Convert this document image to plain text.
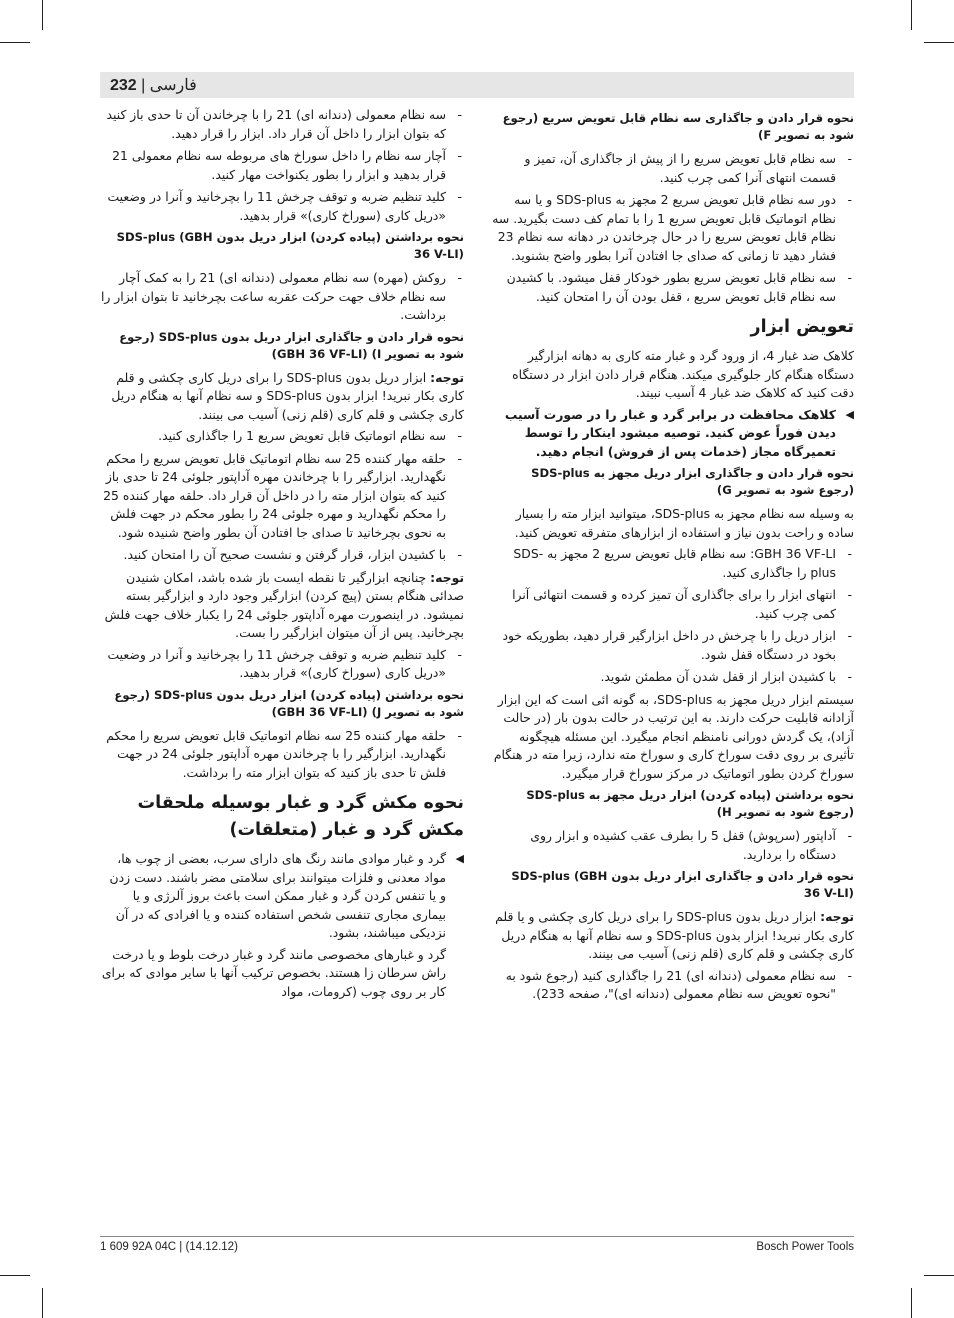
232 | فارسی
نحوه قرار دادن و جاگذاری سه نظام قابل تعویض سریع (رجوع شود به تصویر F)
-
سه نظام قابل تعویض سریع را از پیش از جاگذاری آن، تمیز و قسمت انتهای آنرا کمی چرب کنید.
-
دور سه نظام قابل تعویض سریع 2 مجهز به SDS-plus و یا سه نظام اتوماتیک قابل تعویض سریع 1 را با تمام کف دست بگیرید. سه نظام قابل تعویض سریع را در حال چرخاندن در دهانه سه نظام 23 فشار دهید تا زمانی که صدای جا افتادن آنرا بطور واضح بشنوید.
-
سه نظام قابل تعویض سریع بطور خودکار قفل میشود. با کشیدن سه نظام قابل تعویض سریع ، قفل بودن آن را امتحان کنید.
تعویض ابزار
کلاهک ضد غبار 4، از ورود گرد و غبار مته کاری به دهانه ابزارگیر دستگاه هنگام کار جلوگیری میکند. هنگام قرار دادن ابزار در دستگاه دقت کنید که کلاهک ضد غبار 4 آسیب نبیند.
◀
کلاهک محافظت در برابر گرد و غبار را در صورت آسیب دیدن فوراً عوض کنید. توصیه میشود اینکار را توسط تعمیرگاه مجاز (خدمات پس از فروش) انجام دهید.
نحوه قرار دادن و جاگذاری ابزار دریل مجهز به SDS-plus (رجوع شود به تصویر G)
به وسیله سه نظام مجهز به SDS-plus، میتوانید ابزار مته را بسیار ساده و راحت بدون نیاز و استفاده از ابزارهای متفرقه تعویض کنید.
-
GBH 36 VF-LI: سه نظام قابل تعویض سریع 2 مجهز به SDS-plus را جاگذاری کنید.
-
انتهای ابزار را برای جاگذاری آن تمیز کرده و قسمت انتهائی آنرا کمی چرب کنید.
-
ابزار دریل را با چرخش در داخل ابزارگیر قرار دهید، بطوریکه خود بخود در دستگاه قفل شود.
-
با کشیدن ابزار از قفل شدن آن مطمئن شوید.
سیستم ابزار دریل مجهز به SDS-plus، به گونه ائی است که این ابزار آزادانه قابلیت حرکت دارند. به این ترتیب در حالت بدون بار (در حالت آزاد)، یک گردش دورانی نامنظم انجام میگیرد. این مسئله هیچگونه تأثیری بر روی دقت سوراخ کاری و سوراخ مته ندارد، زیرا مته در هنگام سوراخ کردن بطور اتوماتیک در مرکز سوراخ قرار میگیرد.
نحوه برداشتن (پیاده کردن) ابزار دریل مجهز به SDS-plus (رجوع شود به تصویر H)
-
آداپتور (سرپوش) قفل 5 را بطرف عقب کشیده و ابزار روی دستگاه را بردارید.
نحوه قرار دادن و جاگذاری ابزار دریل بدون SDS-plus (GBH 36 V-LI)
توجه: ابزار دریل بدون SDS-plus را برای دریل کاری چکشی و یا قلم کاری بکار نبرید! ابزار بدون SDS-plus و سه نظام آنها به هنگام دریل کاری چکشی و قلم کاری (قلم زنی) آسیب می بینند.
-
سه نظام معمولی (دندانه ای) 21 را جاگذاری کنید (رجوع شود به "نحوه تعویض سه نظام معمولی (دندانه ای)"، صفحه 233).
-
سه نظام معمولی (دندانه ای) 21 را با چرخاندن آن تا حدی باز کنید که بتوان ابزار را داخل آن قرار داد. ابزار را قرار دهید.
-
آچار سه نظام را داخل سوراخ های مربوطه سه نظام معمولی 21 قرار بدهید و ابزار را بطور یکنواخت مهار کنید.
-
کلید تنظیم ضربه و توقف چرخش 11 را بچرخانید و آنرا در وضعیت «دریل کاری (سوراخ کاری)» قرار بدهید.
نحوه برداشتن (پیاده کردن) ابزار دریل بدون SDS-plus (GBH 36 V-LI)
-
روکش (مهره) سه نظام معمولی (دندانه ای) 21 را به کمک آچار سه نظام خلاف جهت حرکت عقربه ساعت بچرخانید تا بتوان ابزار را برداشت.
نحوه قرار دادن و جاگذاری ابزار دریل بدون SDS-plus (رجوع شود به تصویر I) (GBH 36 VF-LI)
توجه: ابزار دریل بدون SDS-plus را برای دریل کاری چکشی و قلم کاری بکار نبرید! ابزار بدون SDS-plus و سه نظام آنها به هنگام دریل کاری چکشی و قلم کاری (قلم زنی) آسیب می بینند.
-
سه نظام اتوماتیک قابل تعویض سریع 1 را جاگذاری کنید.
-
حلقه مهار کننده 25 سه نظام اتوماتیک قابل تعویض سریع را محکم نگهدارید. ابزارگیر را با چرخاندن مهره آداپتور جلوئی 24 تا حدی باز کنید که بتوان ابزار مته را در داخل آن قرار داد. حلقه مهار کننده 25 را محکم نگهدارید و مهره جلوئی 24 را بطور محکم در جهت فلش به نحوی بچرخانید تا صدای جا افتادن آن بطور واضح شنیده شود.
-
با کشیدن ابزار، قرار گرفتن و نشست صحیح آن را امتحان کنید.
توجه: چنانچه ابزارگیر تا نقطه ایست باز شده باشد، امکان شنیدن صدائی هنگام بستن (پیچ کردن) ابزارگیر وجود دارد و ابزارگیر بسته نمیشود. در اینصورت مهره آداپتور جلوئی 24 را یکبار خلاف جهت فلش بچرخانید. پس از آن میتوان ابزارگیر را بست.
-
کلید تنظیم ضربه و توقف چرخش 11 را بچرخانید و آنرا در وضعیت «دریل کاری (سوراخ کاری)» قرار بدهید.
نحوه برداشتن (پیاده کردن) ابزار دریل بدون SDS-plus (رجوع شود به تصویر J) (GBH 36 VF-LI)
-
حلقه مهار کننده 25 سه نظام اتوماتیک قابل تعویض سریع را محکم نگهدارید. ابزارگیر را با چرخاندن مهره آداپتور جلوئی 24 در جهت فلش تا حدی باز کنید که بتوان ابزار مته را برداشت.
نحوه مکش گرد و غبار بوسیله ملحقات مکش گرد و غبار (متعلقات)
◀
گرد و غبار موادی مانند رنگ های دارای سرب، بعضی از چوب ها، مواد معدنی و فلزات میتوانند برای سلامتی مضر باشند. دست زدن و یا تنفس کردن گرد و غبار ممکن است باعث بروز آلرژی و یا بیماری مجاری تنفسی شخص استفاده کننده و یا افرادی که در آن نزدیکی میباشند، بشود.
گرد و غبارهای مخصوصی مانند گرد و غبار درخت بلوط و یا درخت راش سرطان زا هستند. بخصوص ترکیب آنها با سایر موادی که برای کار بر روی چوب (کرومات، مواد
1 609 92A 04C | (14.12.12)	Bosch Power Tools
